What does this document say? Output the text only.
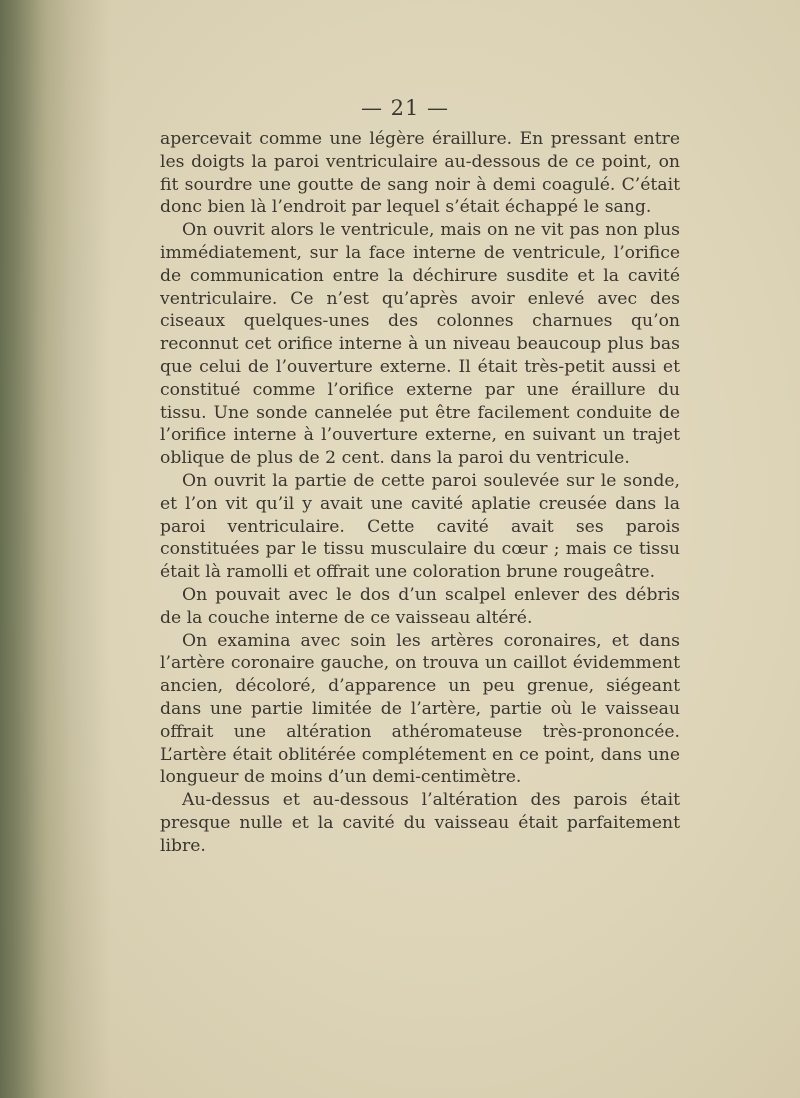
— 21 —

apercevait comme une légère éraillure. En pressant entre les doigts la paroi ventriculaire au-dessous de ce point, on fit sourdre une goutte de sang noir à demi coagulé. C’était donc bien là l’endroit par lequel s’était échappé le sang.

On ouvrit alors le ventricule, mais on ne vit pas non plus immédiatement, sur la face interne de ventricule, l’orifice de communication entre la déchirure susdite et la cavité ventriculaire. Ce n’est qu’après avoir enlevé avec des ciseaux quelques-unes des colonnes charnues qu’on reconnut cet orifice interne à un niveau beaucoup plus bas que celui de l’ouverture externe. Il était très-petit aussi et constitué comme l’orifice externe par une éraillure du tissu. Une sonde cannelée put être facilement conduite de l’orifice interne à l’ouverture externe, en suivant un trajet oblique de plus de 2 cent. dans la paroi du ventricule.

On ouvrit la partie de cette paroi soulevée sur le sonde, et l’on vit qu’il y avait une cavité aplatie creusée dans la paroi ventriculaire. Cette cavité avait ses parois constituées par le tissu musculaire du cœur ; mais ce tissu était là ramolli et offrait une coloration brune rougeâtre.

On pouvait avec le dos d’un scalpel enlever des débris de la couche interne de ce vaisseau altéré.

On examina avec soin les artères coronaires, et dans l’artère coronaire gauche, on trouva un caillot évidemment ancien, décoloré, d’apparence un peu grenue, siégeant dans une partie limitée de l’artère, partie où le vaisseau offrait une altération athéromateuse très-prononcée. L’artère était oblitérée complétement en ce point, dans une longueur de moins d’un demi-centimètre.

Au-dessus et au-dessous l’altération des parois était presque nulle et la cavité du vaisseau était parfaitement libre.
